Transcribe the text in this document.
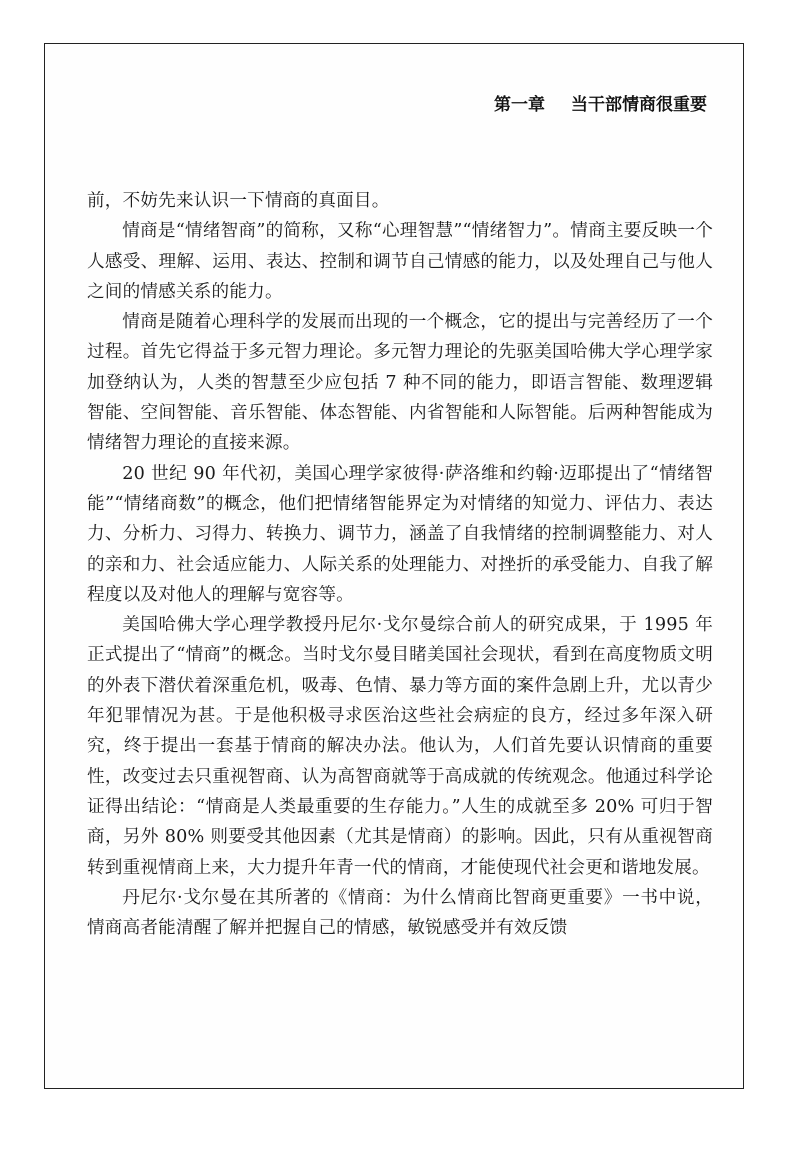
第一章 当干部情商很重要

前，不妨先来认识一下情商的真面目。

情商是“情绪智商”的简称，又称“心理智慧”“情绪智力”。情商主要反映一个人感受、理解、运用、表达、控制和调节自己情感的能力，以及处理自己与他人之间的情感关系的能力。

情商是随着心理科学的发展而出现的一个概念，它的提出与完善经历了一个过程。首先它得益于多元智力理论。多元智力理论的先驱美国哈佛大学心理学家加登纳认为，人类的智慧至少应包括 7 种不同的能力，即语言智能、数理逻辑智能、空间智能、音乐智能、体态智能、内省智能和人际智能。后两种智能成为情绪智力理论的直接来源。

20 世纪 90 年代初，美国心理学家彼得·萨洛维和约翰·迈耶提出了“情绪智能”“情绪商数”的概念，他们把情绪智能界定为对情绪的知觉力、评估力、表达力、分析力、习得力、转换力、调节力，涵盖了自我情绪的控制调整能力、对人的亲和力、社会适应能力、人际关系的处理能力、对挫折的承受能力、自我了解程度以及对他人的理解与宽容等。

美国哈佛大学心理学教授丹尼尔·戈尔曼综合前人的研究成果，于 1995 年正式提出了“情商”的概念。当时戈尔曼目睹美国社会现状，看到在高度物质文明的外表下潜伏着深重危机，吸毒、色情、暴力等方面的案件急剧上升，尤以青少年犯罪情况为甚。于是他积极寻求医治这些社会病症的良方，经过多年深入研究，终于提出一套基于情商的解决办法。他认为，人们首先要认识情商的重要性，改变过去只重视智商、认为高智商就等于高成就的传统观念。他通过科学论证得出结论：“情商是人类最重要的生存能力。”人生的成就至多 20% 可归于智商，另外 80% 则要受其他因素（尤其是情商）的影响。因此，只有从重视智商转到重视情商上来，大力提升年青一代的情商，才能使现代社会更和谐地发展。

丹尼尔·戈尔曼在其所著的《情商：为什么情商比智商更重要》一书中说，情商高者能清醒了解并把握自己的情感，敏锐感受并有效反馈
